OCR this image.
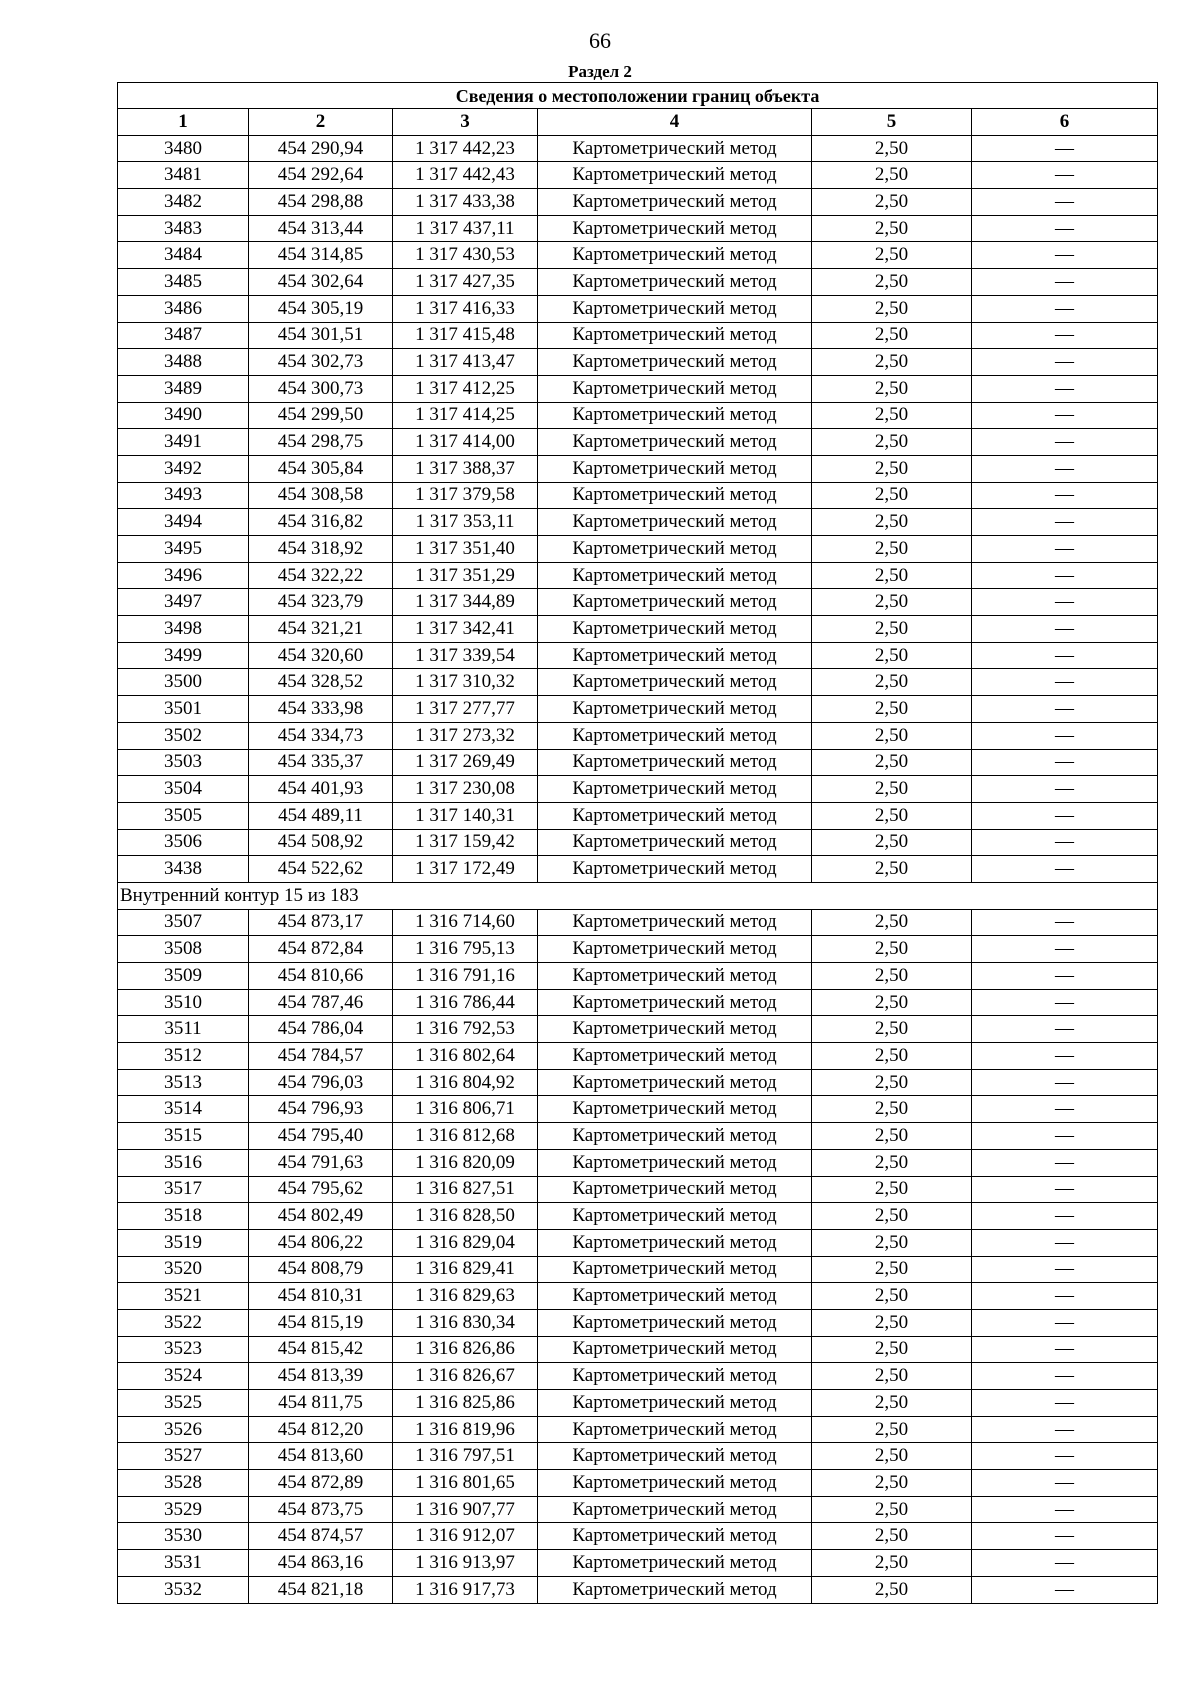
66
Раздел 2
Сведения о местоположении границ объекта					
1	2	3	4	5	6
3480	454 290,94	1 317 442,23	Картометрический метод	2,50	—
3481	454 292,64	1 317 442,43	Картометрический метод	2,50	—
3482	454 298,88	1 317 433,38	Картометрический метод	2,50	—
3483	454 313,44	1 317 437,11	Картометрический метод	2,50	—
3484	454 314,85	1 317 430,53	Картометрический метод	2,50	—
3485	454 302,64	1 317 427,35	Картометрический метод	2,50	—
3486	454 305,19	1 317 416,33	Картометрический метод	2,50	—
3487	454 301,51	1 317 415,48	Картометрический метод	2,50	—
3488	454 302,73	1 317 413,47	Картометрический метод	2,50	—
3489	454 300,73	1 317 412,25	Картометрический метод	2,50	—
3490	454 299,50	1 317 414,25	Картометрический метод	2,50	—
3491	454 298,75	1 317 414,00	Картометрический метод	2,50	—
3492	454 305,84	1 317 388,37	Картометрический метод	2,50	—
3493	454 308,58	1 317 379,58	Картометрический метод	2,50	—
3494	454 316,82	1 317 353,11	Картометрический метод	2,50	—
3495	454 318,92	1 317 351,40	Картометрический метод	2,50	—
3496	454 322,22	1 317 351,29	Картометрический метод	2,50	—
3497	454 323,79	1 317 344,89	Картометрический метод	2,50	—
3498	454 321,21	1 317 342,41	Картометрический метод	2,50	—
3499	454 320,60	1 317 339,54	Картометрический метод	2,50	—
3500	454 328,52	1 317 310,32	Картометрический метод	2,50	—
3501	454 333,98	1 317 277,77	Картометрический метод	2,50	—
3502	454 334,73	1 317 273,32	Картометрический метод	2,50	—
3503	454 335,37	1 317 269,49	Картометрический метод	2,50	—
3504	454 401,93	1 317 230,08	Картометрический метод	2,50	—
3505	454 489,11	1 317 140,31	Картометрический метод	2,50	—
3506	454 508,92	1 317 159,42	Картометрический метод	2,50	—
3438	454 522,62	1 317 172,49	Картометрический метод	2,50	—
Внутренний контур 15 из 183					
3507	454 873,17	1 316 714,60	Картометрический метод	2,50	—
3508	454 872,84	1 316 795,13	Картометрический метод	2,50	—
3509	454 810,66	1 316 791,16	Картометрический метод	2,50	—
3510	454 787,46	1 316 786,44	Картометрический метод	2,50	—
3511	454 786,04	1 316 792,53	Картометрический метод	2,50	—
3512	454 784,57	1 316 802,64	Картометрический метод	2,50	—
3513	454 796,03	1 316 804,92	Картометрический метод	2,50	—
3514	454 796,93	1 316 806,71	Картометрический метод	2,50	—
3515	454 795,40	1 316 812,68	Картометрический метод	2,50	—
3516	454 791,63	1 316 820,09	Картометрический метод	2,50	—
3517	454 795,62	1 316 827,51	Картометрический метод	2,50	—
3518	454 802,49	1 316 828,50	Картометрический метод	2,50	—
3519	454 806,22	1 316 829,04	Картометрический метод	2,50	—
3520	454 808,79	1 316 829,41	Картометрический метод	2,50	—
3521	454 810,31	1 316 829,63	Картометрический метод	2,50	—
3522	454 815,19	1 316 830,34	Картометрический метод	2,50	—
3523	454 815,42	1 316 826,86	Картометрический метод	2,50	—
3524	454 813,39	1 316 826,67	Картометрический метод	2,50	—
3525	454 811,75	1 316 825,86	Картометрический метод	2,50	—
3526	454 812,20	1 316 819,96	Картометрический метод	2,50	—
3527	454 813,60	1 316 797,51	Картометрический метод	2,50	—
3528	454 872,89	1 316 801,65	Картометрический метод	2,50	—
3529	454 873,75	1 316 907,77	Картометрический метод	2,50	—
3530	454 874,57	1 316 912,07	Картометрический метод	2,50	—
3531	454 863,16	1 316 913,97	Картометрический метод	2,50	—
3532	454 821,18	1 316 917,73	Картометрический метод	2,50	—
